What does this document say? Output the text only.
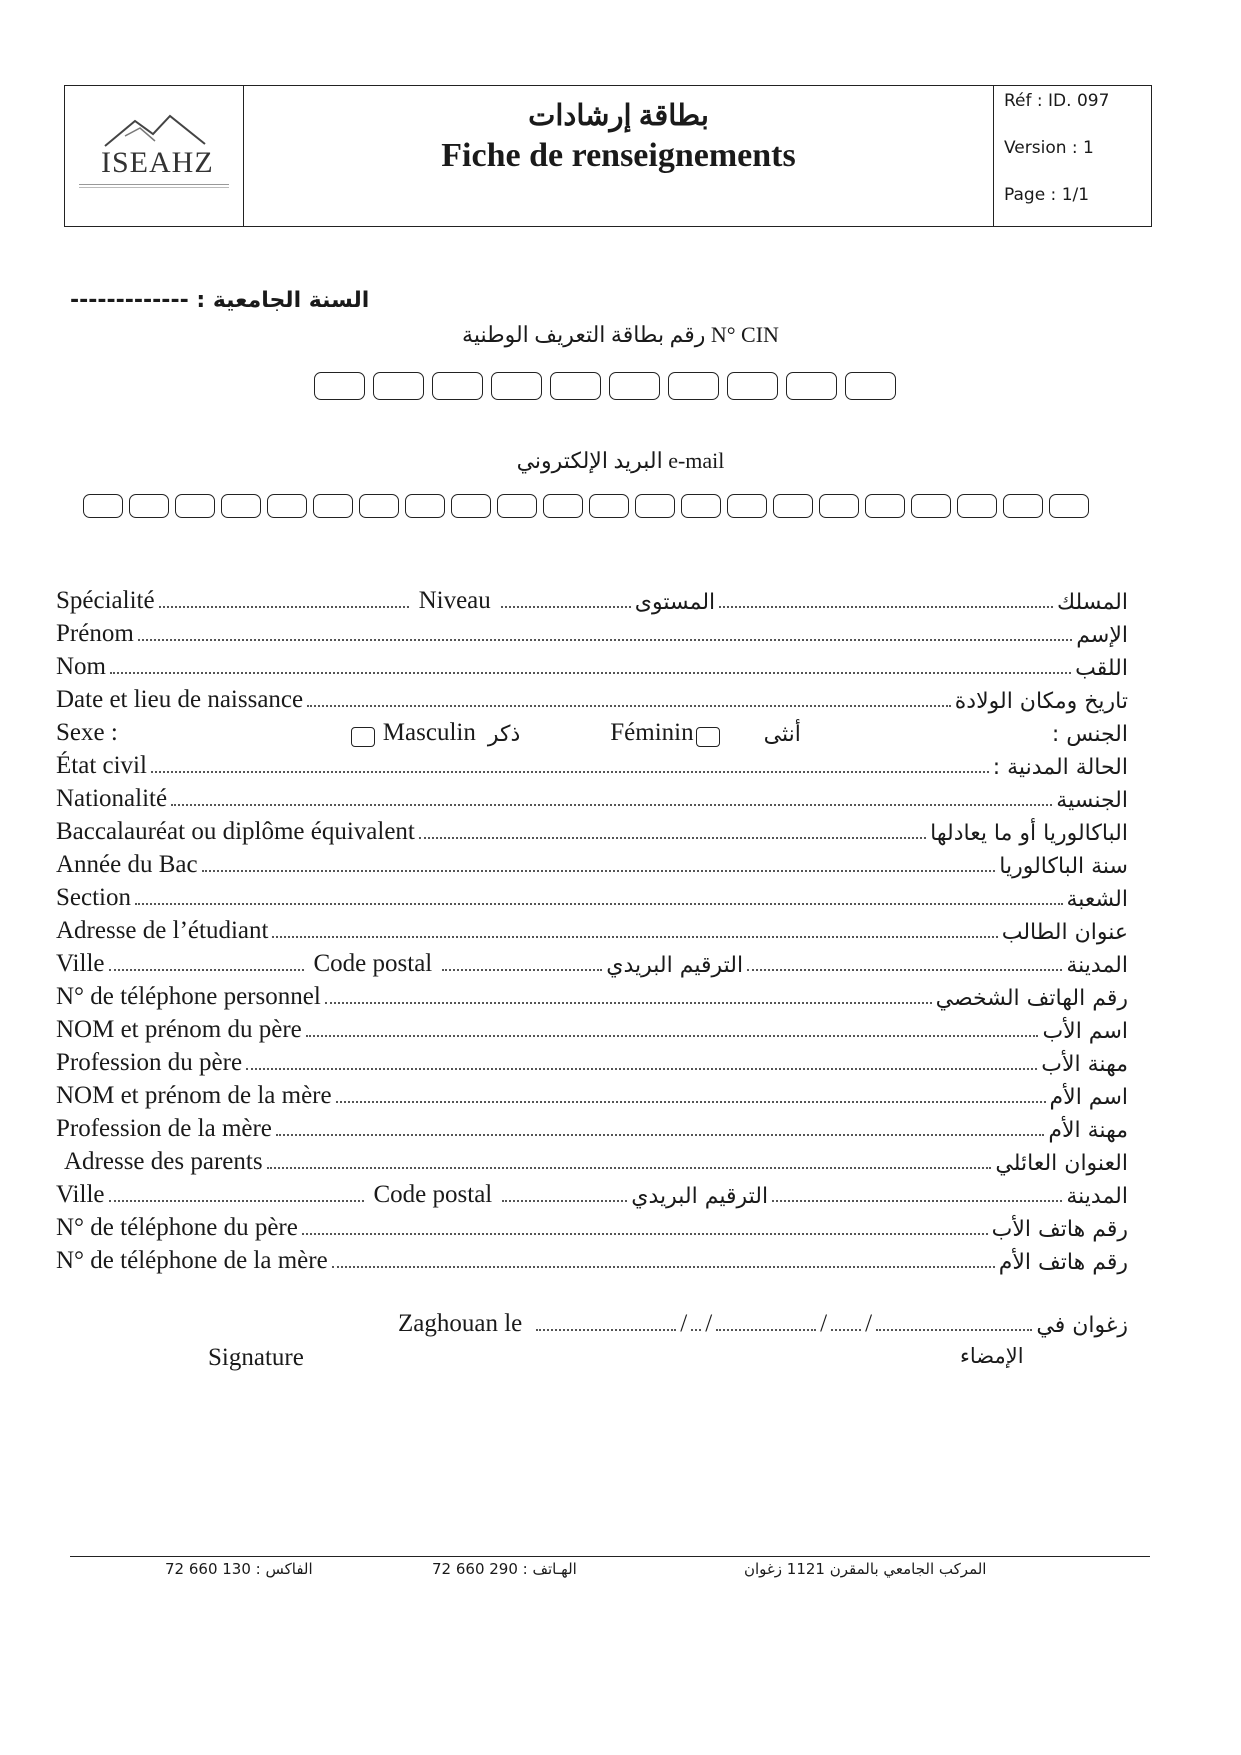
ISEAHZ
بطاقة إرشادات
Fiche de renseignements
Réf : ID. 097
Version : 1
Page : 1/1
------------- السنة الجامعية :
رقم بطاقة التعريف الوطنية N° CIN
البريد الإلكتروني e-mail
Spécialité	Niveau	المستوى	المسلك
Prénom	الإسم
Nom	اللقب
Date et lieu de naissance	تاريخ ومكان الولادة
Sexe :	Masculin ذكر	Féminin	أنثى	الجنس :
État civil	الحالة المدنية :
Nationalité	الجنسية
Baccalauréat ou diplôme équivalent	الباكالوريا أو ما يعادلها
Année du Bac	سنة الباكالوريا
Section	الشعبة
Adresse de l’étudiant	عنوان الطالب
Ville	Code postal	الترقيم البريدي	المدينة
N° de téléphone personnel	رقم الهاتف الشخصي
NOM et prénom du père	اسم الأب
Profession du père	مهنة الأب
NOM et prénom de la mère	اسم الأم
Profession de la mère	مهنة الأم
Adresse des parents	العنوان العائلي
Ville	Code postal	الترقيم البريدي	المدينة
N° de téléphone du père	رقم هاتف الأب
N° de téléphone de la mère	رقم هاتف الأم
Zaghouan le	/ /	/ /	زغوان في
Signature	الإمضاء
72 660 130 : الفاكس	72 660 290 : الهـاتف	المركب الجامعي بالمقرن 1121 زغوان
